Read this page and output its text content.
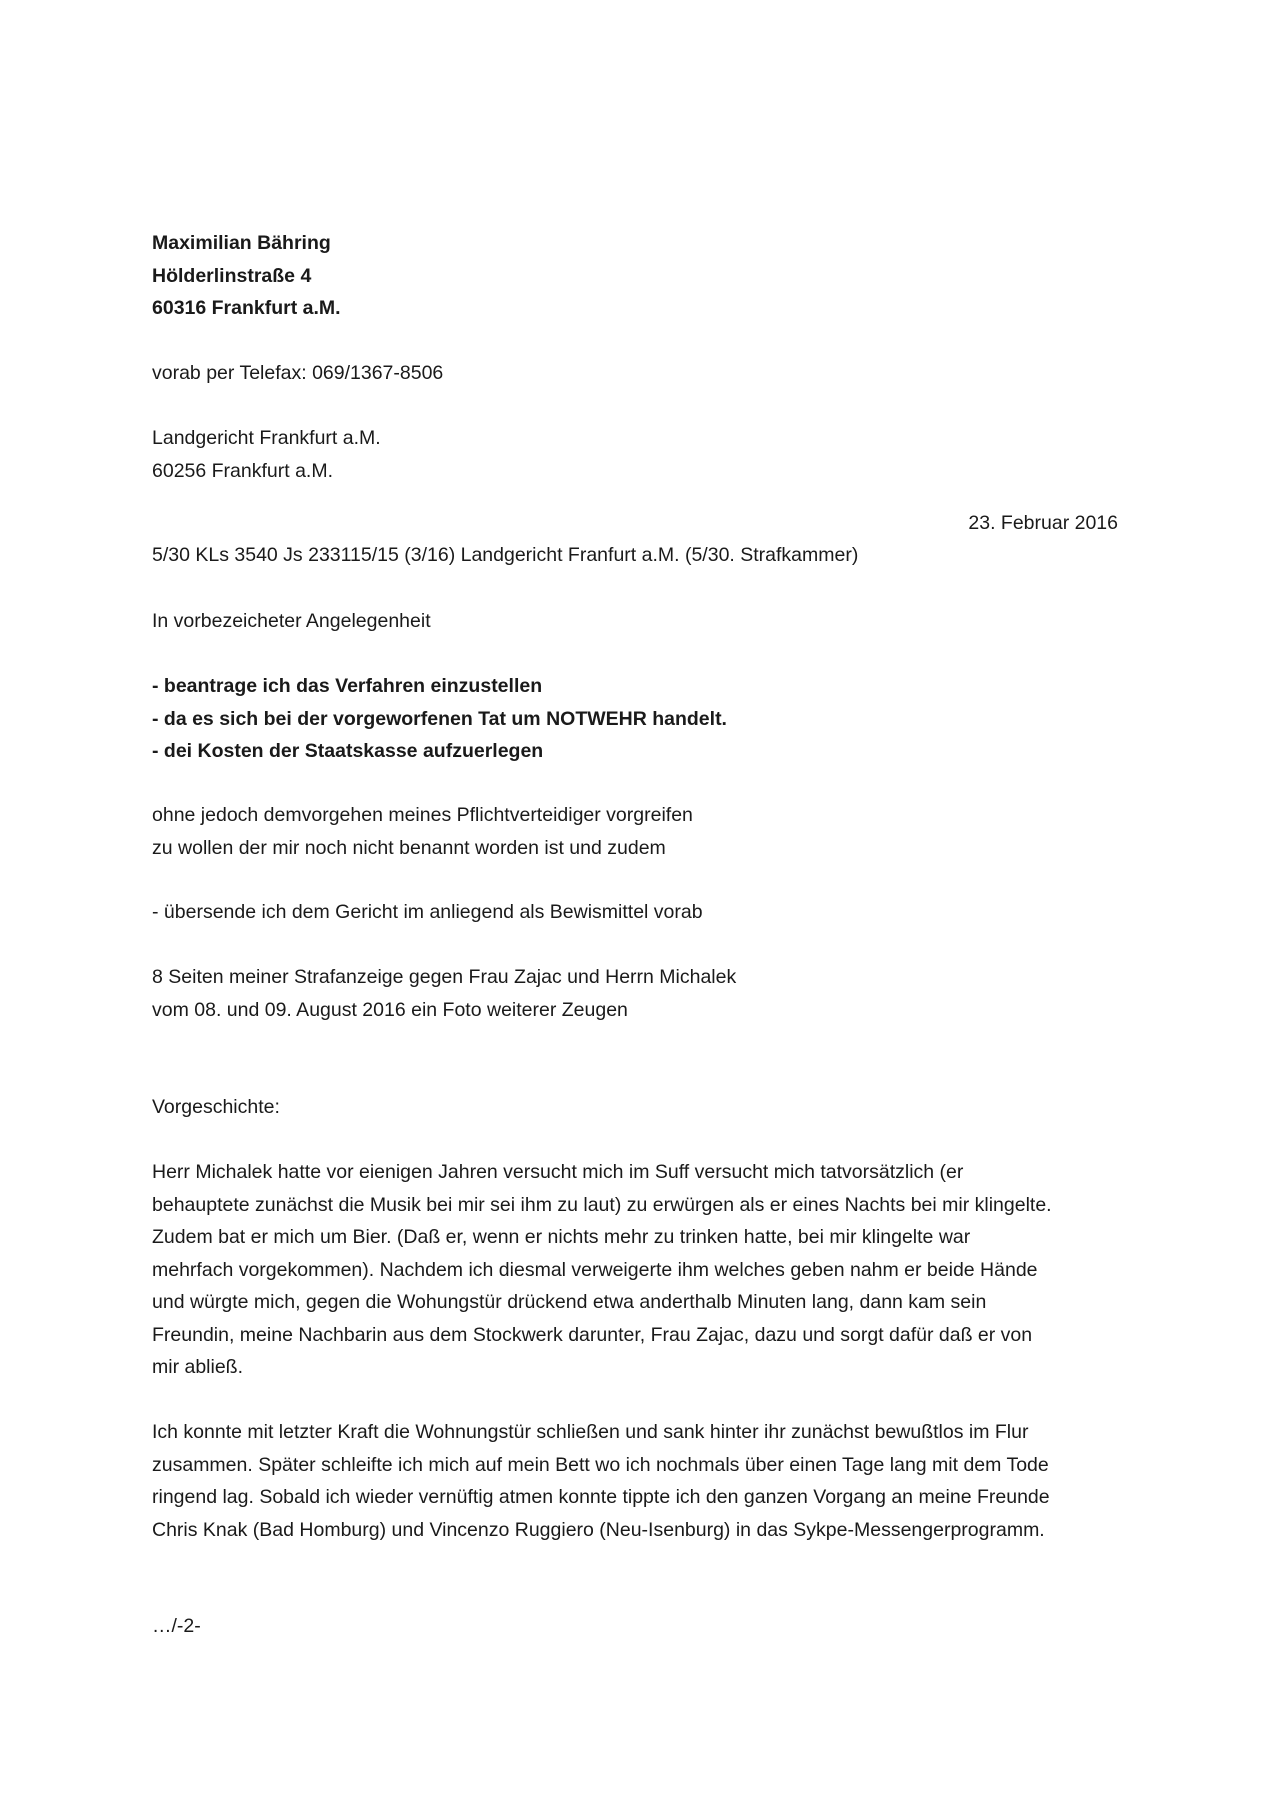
Maximilian Bähring
Hölderlinstraße 4
60316 Frankfurt a.M.
vorab per Telefax: 069/1367-8506
Landgericht Frankfurt a.M.
60256 Frankfurt a.M.
23. Februar 2016
5/30 KLs 3540 Js 233115/15 (3/16) Landgericht Franfurt a.M. (5/30. Strafkammer)
In vorbezeicheter Angelegenheit
- beantrage ich das Verfahren einzustellen
- da es sich bei der vorgeworfenen Tat um NOTWEHR handelt.
- dei Kosten der Staatskasse aufzuerlegen
ohne jedoch demvorgehen meines Pflichtverteidiger vorgreifen
zu wollen der mir noch nicht benannt worden ist und zudem
- übersende ich dem Gericht im anliegend als Bewismittel vorab
8 Seiten meiner Strafanzeige gegen Frau Zajac und Herrn Michalek
vom 08. und 09. August 2016 ein Foto weiterer Zeugen
Vorgeschichte:
Herr Michalek hatte vor eienigen Jahren versucht mich im Suff versucht mich tatvorsätzlich (er
behauptete zunächst die Musik bei mir sei ihm zu laut) zu erwürgen als er eines Nachts bei mir klingelte.
Zudem bat er mich um Bier. (Daß er, wenn er nichts mehr zu trinken hatte, bei mir klingelte war
mehrfach vorgekommen). Nachdem ich diesmal verweigerte ihm welches geben nahm er beide Hände
und würgte mich, gegen die Wohungstür drückend etwa anderthalb Minuten lang, dann kam sein
Freundin, meine Nachbarin aus dem Stockwerk darunter, Frau Zajac, dazu und sorgt dafür daß er von
mir abließ.
Ich konnte mit letzter Kraft die Wohnungstür schließen und sank hinter ihr zunächst bewußtlos im Flur
zusammen. Später schleifte ich mich auf mein Bett wo ich nochmals über einen Tage lang mit dem Tode
ringend lag. Sobald ich wieder vernüftig atmen konnte tippte ich den ganzen Vorgang an meine Freunde
Chris Knak (Bad Homburg) und Vincenzo Ruggiero (Neu-Isenburg) in das Sykpe-Messengerprogramm.
…/-2-
